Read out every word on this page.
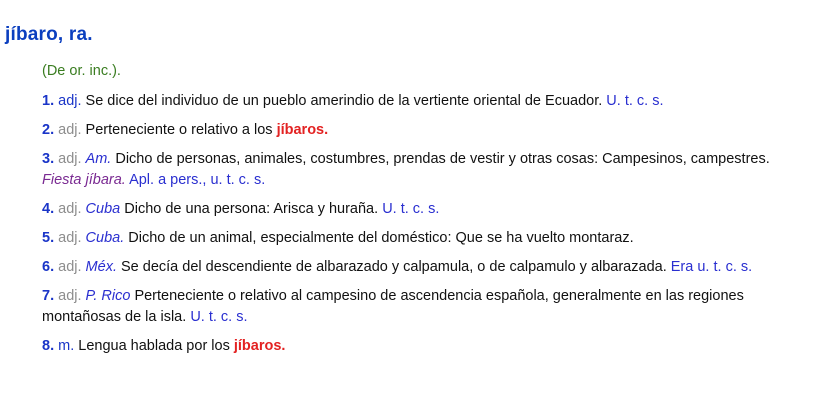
jíbaro, ra.
(De or. inc.).
1. adj. Se dice del individuo de un pueblo amerindio de la vertiente oriental de Ecuador. U. t. c. s.
2. adj. Perteneciente o relativo a los jíbaros.
3. adj. Am. Dicho de personas, animales, costumbres, prendas de vestir y otras cosas: Campesinos, campestres. Fiesta jíbara. Apl. a pers., u. t. c. s.
4. adj. Cuba Dicho de una persona: Arisca y huraña. U. t. c. s.
5. adj. Cuba. Dicho de un animal, especialmente del doméstico: Que se ha vuelto montaraz.
6. adj. Méx. Se decía del descendiente de albarazado y calpamula, o de calpamulo y albarazada. Era u. t. c. s.
7. adj. P. Rico Perteneciente o relativo al campesino de ascendencia española, generalmente en las regiones montañosas de la isla. U. t. c. s.
8. m. Lengua hablada por los jíbaros.
